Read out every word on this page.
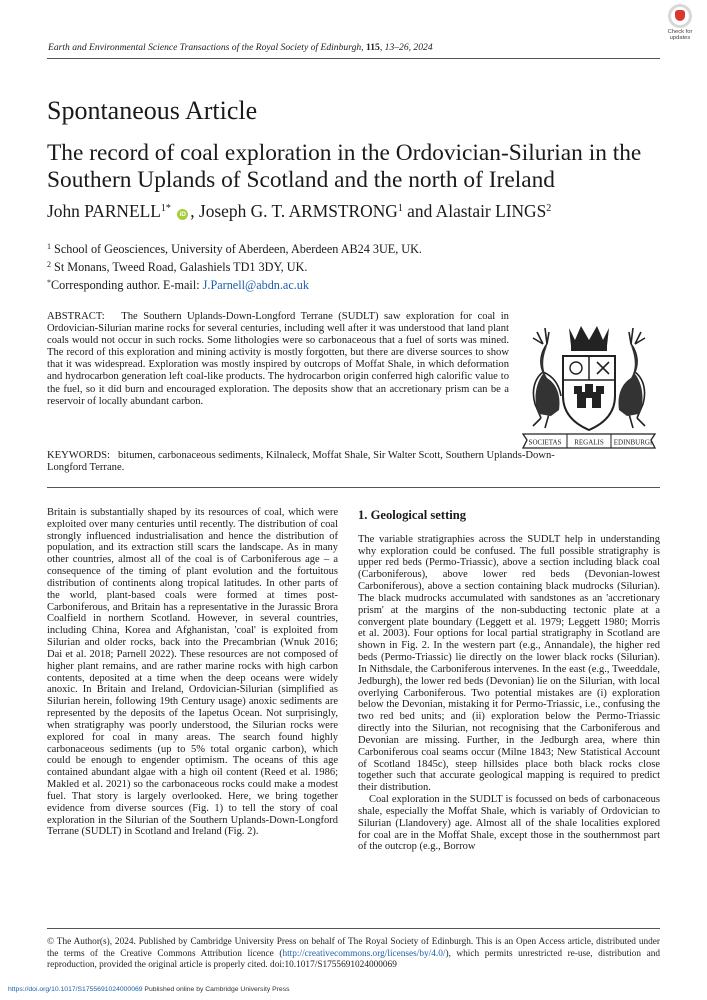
Earth and Environmental Science Transactions of the Royal Society of Edinburgh, 115, 13–26, 2024
Check for
updates
Spontaneous Article
The record of coal exploration in the Ordovician-Silurian in the Southern Uplands of Scotland and the north of Ireland
John $PARNELL^{1*}$ iD , Joseph G. T. ARMSTRONG$^1$ and Alastair LINGS$^2$
$^1$ School of Geosciences, University of Aberdeen, Aberdeen AB24 3UE, UK.
$^2$ St Monans, Tweed Road, Galashiels TD1 3DY, UK.
*Corresponding author. E-mail: J.Parnell@abdn.ac.uk
ABSTRACT: The Southern Uplands-Down-Longford Terrane (SUDLT) saw exploration for coal in Ordovician-Silurian marine rocks for several centuries, including well after it was understood that land plant coals would not occur in such rocks. Some lithologies were so carbonaceous that a fuel of sorts was mined. The record of this exploration and mining activity is mostly forgotten, but there are diverse sources to show that it was widespread. Exploration was mostly inspired by outcrops of Moffat Shale, in which deformation and hydrocarbon generation left coal-like products. The hydrocarbon origin conferred high calorific value to the fuel, so it did burn and encouraged exploration. The deposits show that an accretionary prism can be a reservoir of locally abundant carbon.
SOCIETAS REGALIS EDINBURGI
KEYWORDS: bitumen, carbonaceous sediments, Kilnaleck, Moffat Shale, Sir Walter Scott, Southern Uplands-Down-Longford Terrane.

Britain is substantially shaped by its resources of coal, which were exploited over many centuries until recently. The distribution of coal strongly influenced industrialisation and hence the distribution of population, and its extraction still scars the landscape. As in many other countries, almost all of the coal is of Carboniferous age – a consequence of the timing of plant evolution and the fortuitous distribution of continents along tropical latitudes. In other parts of the world, plant-based coals were formed at times post-Carboniferous, and Britain has a representative in the Jurassic Brora Coalfield in northern Scotland. However, in several countries, including China, Korea and Afghanistan, 'coal' is exploited from Silurian and older rocks, back into the Precambrian (Wnuk 2016; Dai et al. 2018; Parnell 2022). These resources are not composed of higher plant remains, and are rather marine rocks with high carbon contents, deposited at a time when the deep oceans were widely anoxic. In Britain and Ireland, Ordovician-Silurian (simplified as Silurian herein, following 19th Century usage) anoxic sediments are represented by the deposits of the Iapetus Ocean. Not surprisingly, when stratigraphy was poorly understood, the Silurian rocks were explored for coal in many areas. The search found highly carbonaceous sediments (up to 5% total organic carbon), which could be enough to engender optimism. The oceans of this age contained abundant algae with a high oil content (Reed et al. 1986; Makled et al. 2021) so the carbonaceous rocks could make a modest fuel. That story is largely overlooked. Here, we bring together evidence from diverse sources (Fig. 1) to tell the story of coal exploration in the Silurian of the Southern Uplands-Down-Longford Terrane (SUDLT) in Scotland and Ireland (Fig. 2).

1. Geological setting

The variable stratigraphies across the SUDLT help in understanding why exploration could be confused. The full possible stratigraphy is upper red beds (Permo-Triassic), above a section including black coal (Carboniferous), above lower red beds (Devonian-lowest Carboniferous), above a section containing black mudrocks (Silurian). The black mudrocks accumulated with sandstones as an 'accretionary prism' at the margins of the non-subducting tectonic plate at a convergent plate boundary (Leggett et al. 1979; Leggett 1980; Morris et al. 2003). Four options for local partial stratigraphy in Scotland are shown in Fig. 2. In the western part (e.g., Annandale), the higher red beds (Permo-Triassic) lie directly on the lower black rocks (Silurian). In Nithsdale, the Carboniferous intervenes. In the east (e.g., Tweeddale, Jedburgh), the lower red beds (Devonian) lie on the Silurian, with local overlying Carboniferous. Two potential mistakes are (i) exploration below the Devonian, mistaking it for Permo-Triassic, i.e., confusing the two red bed units; and (ii) exploration below the Permo-Triassic directly into the Silurian, not recognising that the Carboniferous and Devonian are missing. Further, in the Jedburgh area, where thin Carboniferous coal seams occur (Milne 1843; New Statistical Account of Scotland 1845c), steep hillsides place both black rocks close together such that accurate geological mapping is required to predict their distribution.

Coal exploration in the SUDLT is focussed on beds of carbonaceous shale, especially the Moffat Shale, which is variably of Ordovician to Silurian (Llandovery) age. Almost all of the shale localities explored for coal are in the Moffat Shale, except those in the southernmost part of the outcrop (e.g., Borrow

© The Author(s), 2024. Published by Cambridge University Press on behalf of The Royal Society of Edinburgh. This is an Open Access article, distributed under the terms of the Creative Commons Attribution licence (http://creativecommons.org/licenses/by/4.0/), which permits unrestricted re-use, distribution and reproduction, provided the original article is properly cited. doi:10.1017/S1755691024000069
https://doi.org/10.1017/S1755691024000069 Published online by Cambridge University Press
